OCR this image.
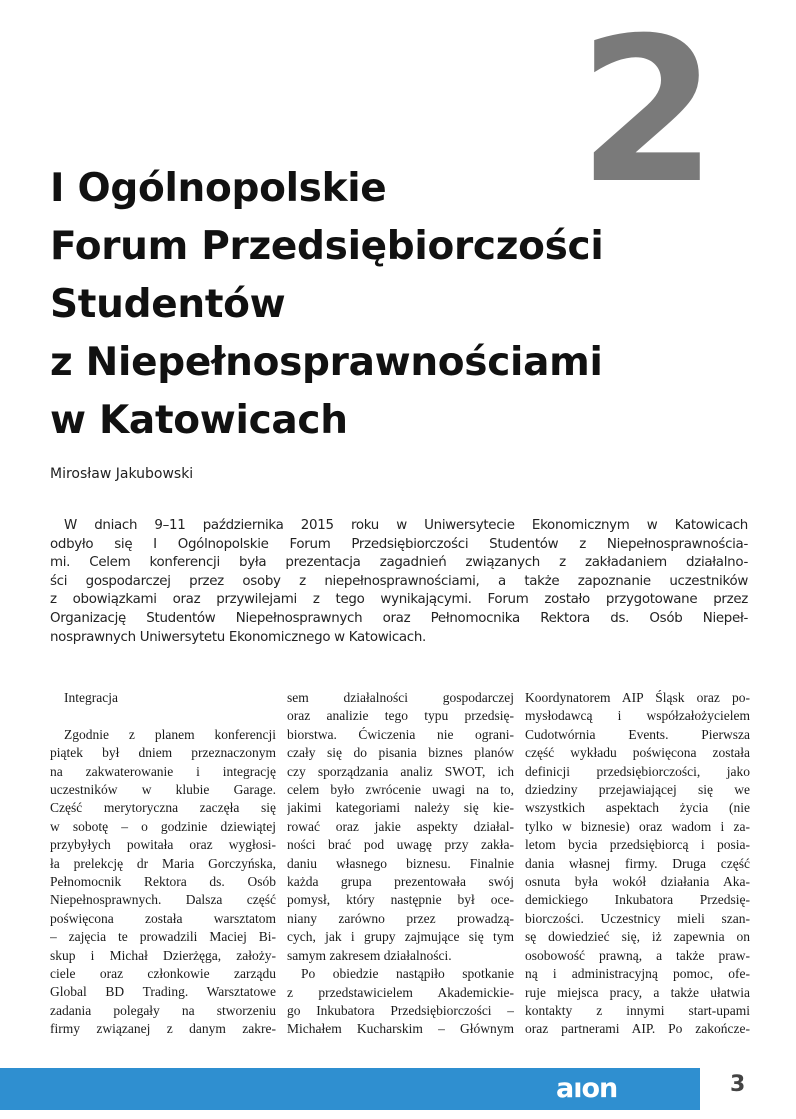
2
I Ogólnopolskie
Forum Przedsiębiorczości
Studentów
z Niepełnosprawnościami
w Katowicach
Mirosław Jakubowski

W dniach 9–11 października 2015 roku w Uniwersytecie Ekonomicznym w Katowicach
odbyło się I Ogólnopolskie Forum Przedsiębiorczości Studentów z Niepełnosprawnościa-
mi. Celem konferencji była prezentacja zagadnień związanych z zakładaniem działalno-
ści gospodarczej przez osoby z niepełnosprawnościami, a także zapoznanie uczestników
z obowiązkami oraz przywilejami z tego wynikającymi. Forum zostało przygotowane przez
Organizację Studentów Niepełnosprawnych oraz Pełnomocnika Rektora ds. Osób Niepeł-
nosprawnych Uniwersytetu Ekonomicznego w Katowicach.

Integracja
Zgodnie z planem konferencji
piątek był dniem przeznaczonym
na zakwaterowanie i integrację
uczestników w klubie Garage.
Część merytoryczna zaczęła się
w sobotę – o godzinie dziewiątej
przybyłych powitała oraz wygłosi-
ła prelekcję dr Maria Gorczyńska,
Pełnomocnik Rektora ds. Osób
Niepełnosprawnych. Dalsza część
poświęcona została warsztatom
– zajęcia te prowadzili Maciej Bi-
skup i Michał Dzierżęga, założy-
ciele oraz członkowie zarządu
Global BD Trading. Warsztatowe
zadania polegały na stworzeniu
firmy związanej z danym zakre-
sem działalności gospodarczej
oraz analizie tego typu przedsię-
biorstwa. Ćwiczenia nie ograni-
czały się do pisania biznes planów
czy sporządzania analiz SWOT, ich
celem było zwrócenie uwagi na to,
jakimi kategoriami należy się kie-
rować oraz jakie aspekty działal-
ności brać pod uwagę przy zakła-
daniu własnego biznesu. Finalnie
każda grupa prezentowała swój
pomysł, który następnie był oce-
niany zarówno przez prowadzą-
cych, jak i grupy zajmujące się tym
samym zakresem działalności.
Po obiedzie nastąpiło spotkanie
z przedstawicielem Akademickie-
go Inkubatora Przedsiębiorczości –
Michałem Kucharskim – Głównym
Koordynatorem AIP Śląsk oraz po-
mysłodawcą i współzałożycielem
Cudotwórnia Events. Pierwsza
część wykładu poświęcona została
definicji przedsiębiorczości, jako
dziedziny przejawiającej się we
wszystkich aspektach życia (nie
tylko w biznesie) oraz wadom i za-
letom bycia przedsiębiorcą i posia-
dania własnej firmy. Druga część
osnuta była wokół działania Aka-
demickiego Inkubatora Przedsię-
biorczości. Uczestnicy mieli szan-
sę dowiedzieć się, iż zapewnia on
osobowość prawną, a także praw-
ną i administracyjną pomoc, ofe-
ruje miejsca pracy, a także ułatwia
kontakty z innymi start-upami
oraz partnerami AIP. Po zakończe-
aıon	3
